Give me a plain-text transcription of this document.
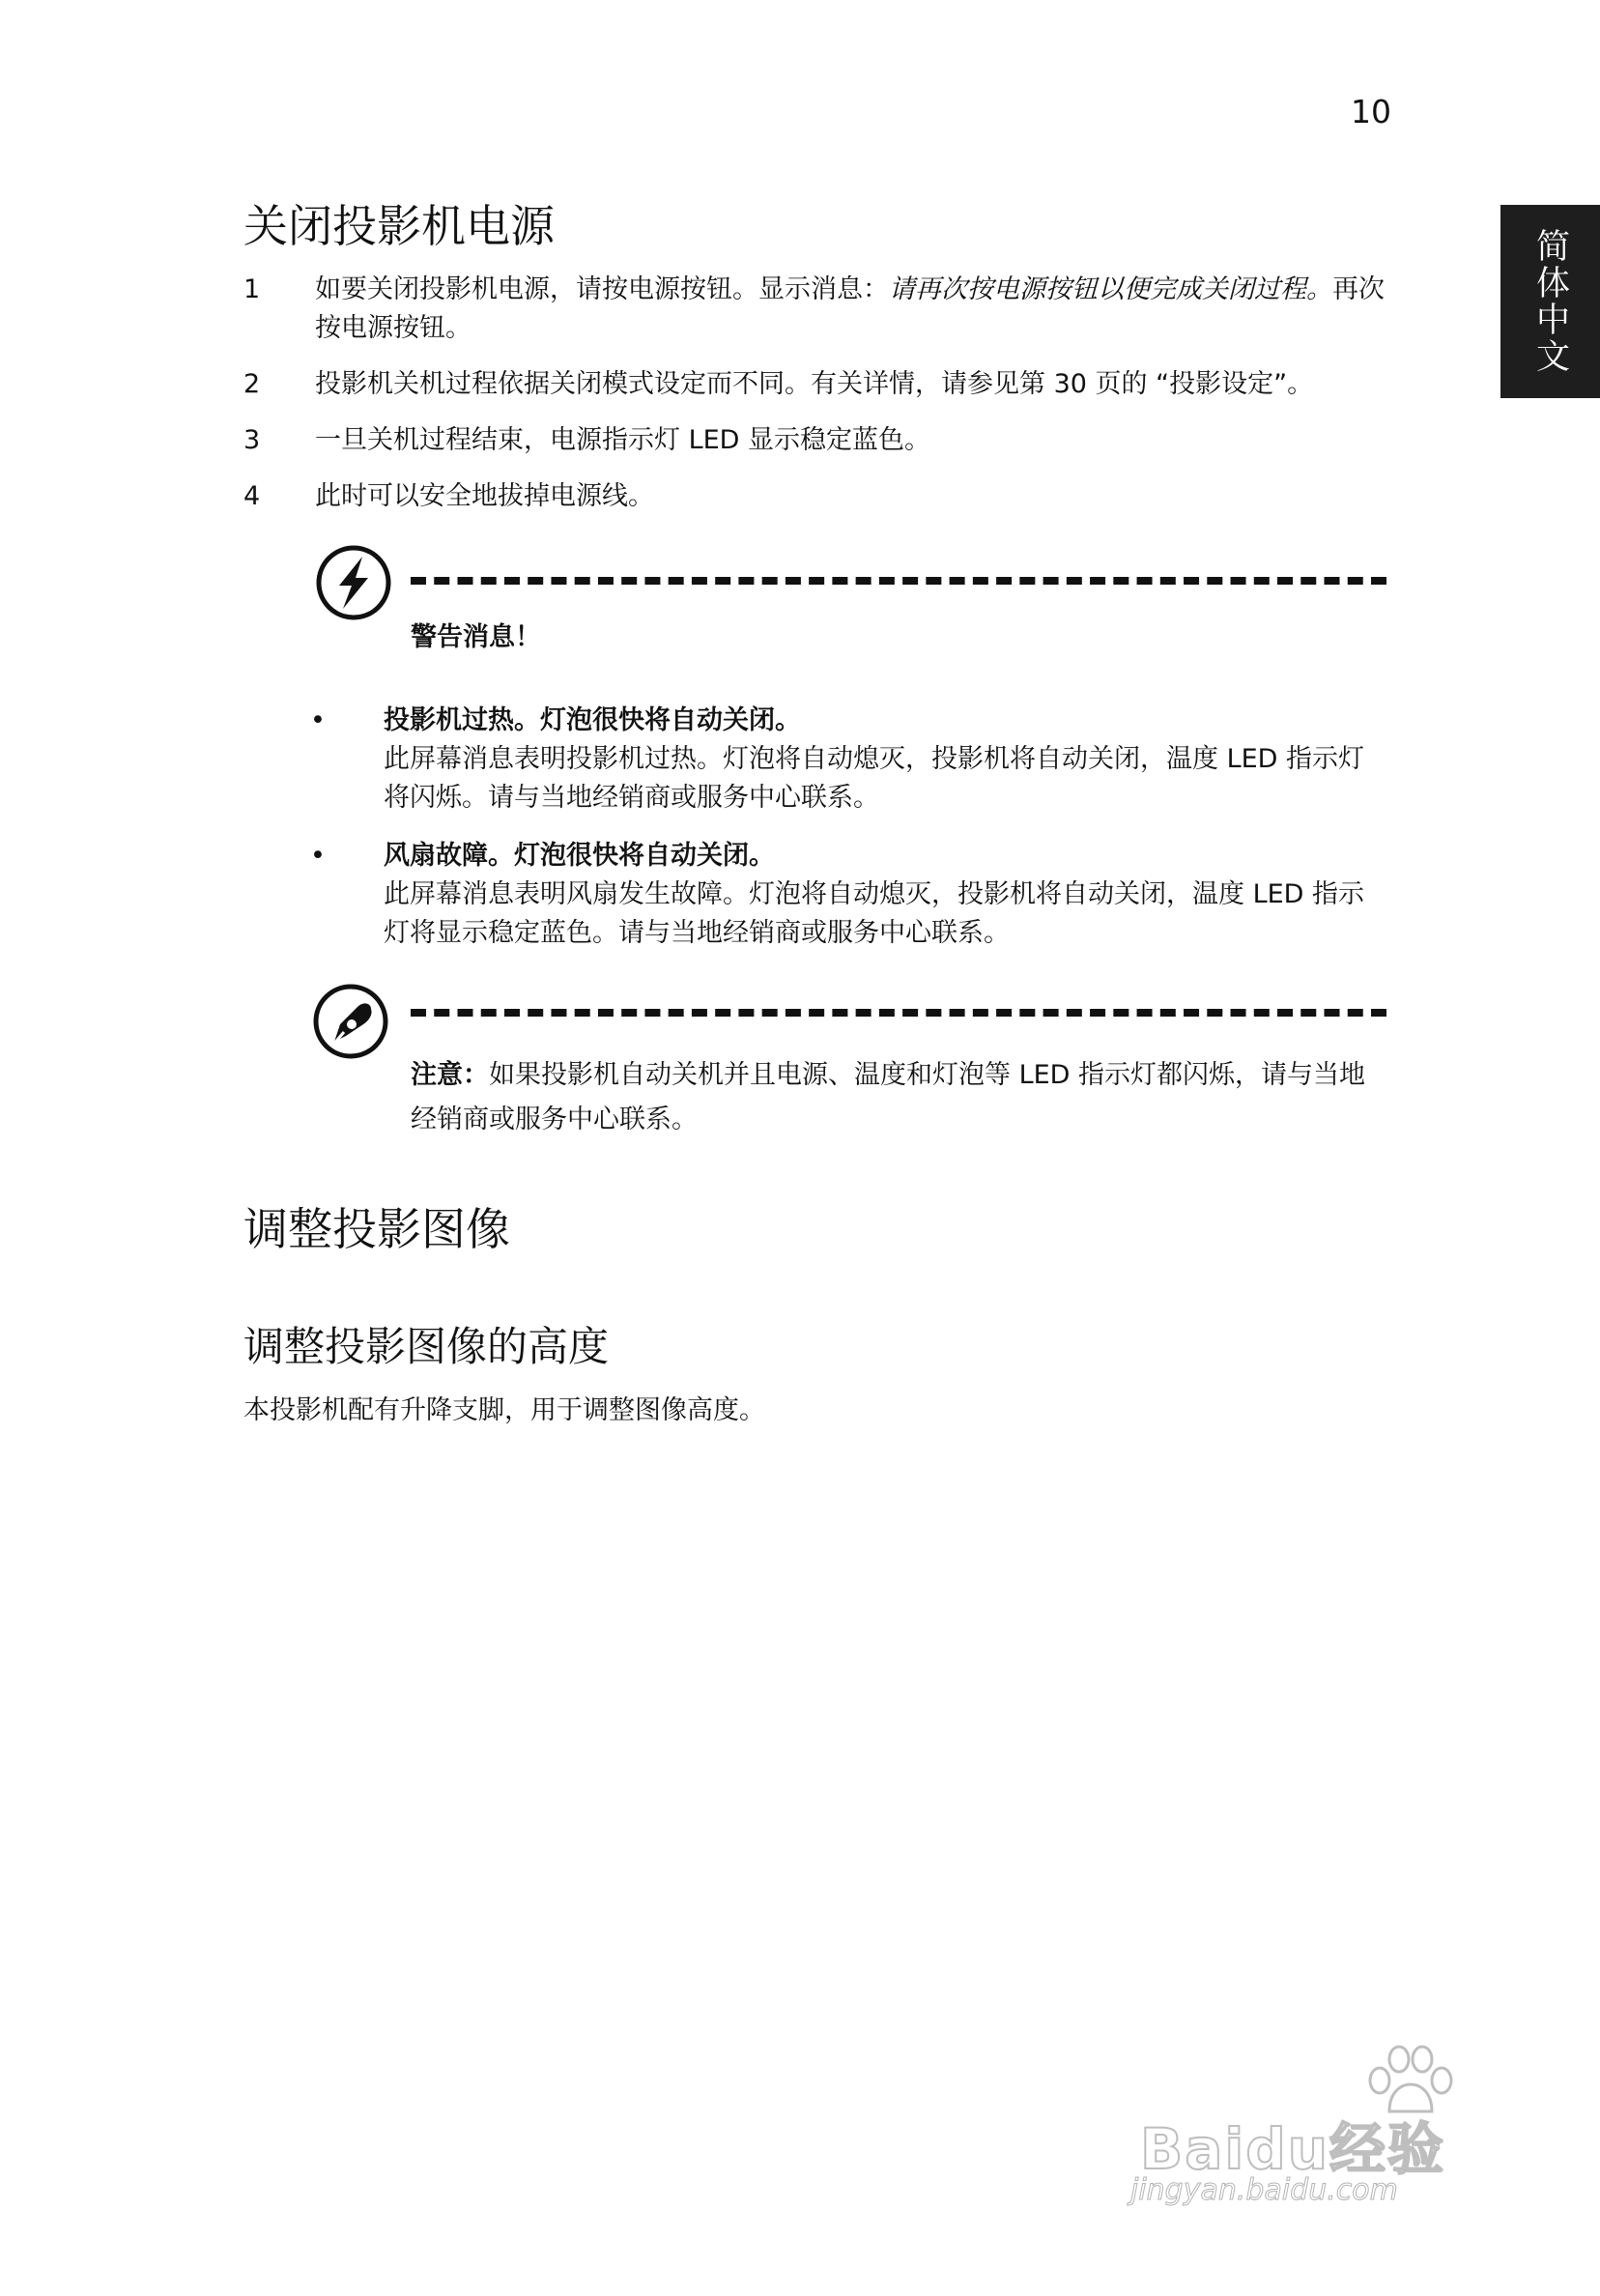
10
简体中文
关闭投影机电源
1 如要关闭投影机电源，请按电源按钮。显示消息：请再次按电源按钮以便完成关闭过程。再次按电源按钮。
2 投影机关机过程依据关闭模式设定而不同。有关详情，请参见第 30 页的 “投影设定”。
3 一旦关机过程结束，电源指示灯 LED 显示稳定蓝色。
4 此时可以安全地拔掉电源线。
警告消息！
• 投影机过热。灯泡很快将自动关闭。
此屏幕消息表明投影机过热。灯泡将自动熄灭，投影机将自动关闭，温度 LED 指示灯将闪烁。请与当地经销商或服务中心联系。
• 风扇故障。灯泡很快将自动关闭。
此屏幕消息表明风扇发生故障。灯泡将自动熄灭，投影机将自动关闭，温度 LED 指示灯将显示稳定蓝色。请与当地经销商或服务中心联系。
注意：如果投影机自动关机并且电源、温度和灯泡等 LED 指示灯都闪烁，请与当地经销商或服务中心联系。
调整投影图像
调整投影图像的高度
本投影机配有升降支脚，用于调整图像高度。
Baidu经验
jingyan.baidu.com
